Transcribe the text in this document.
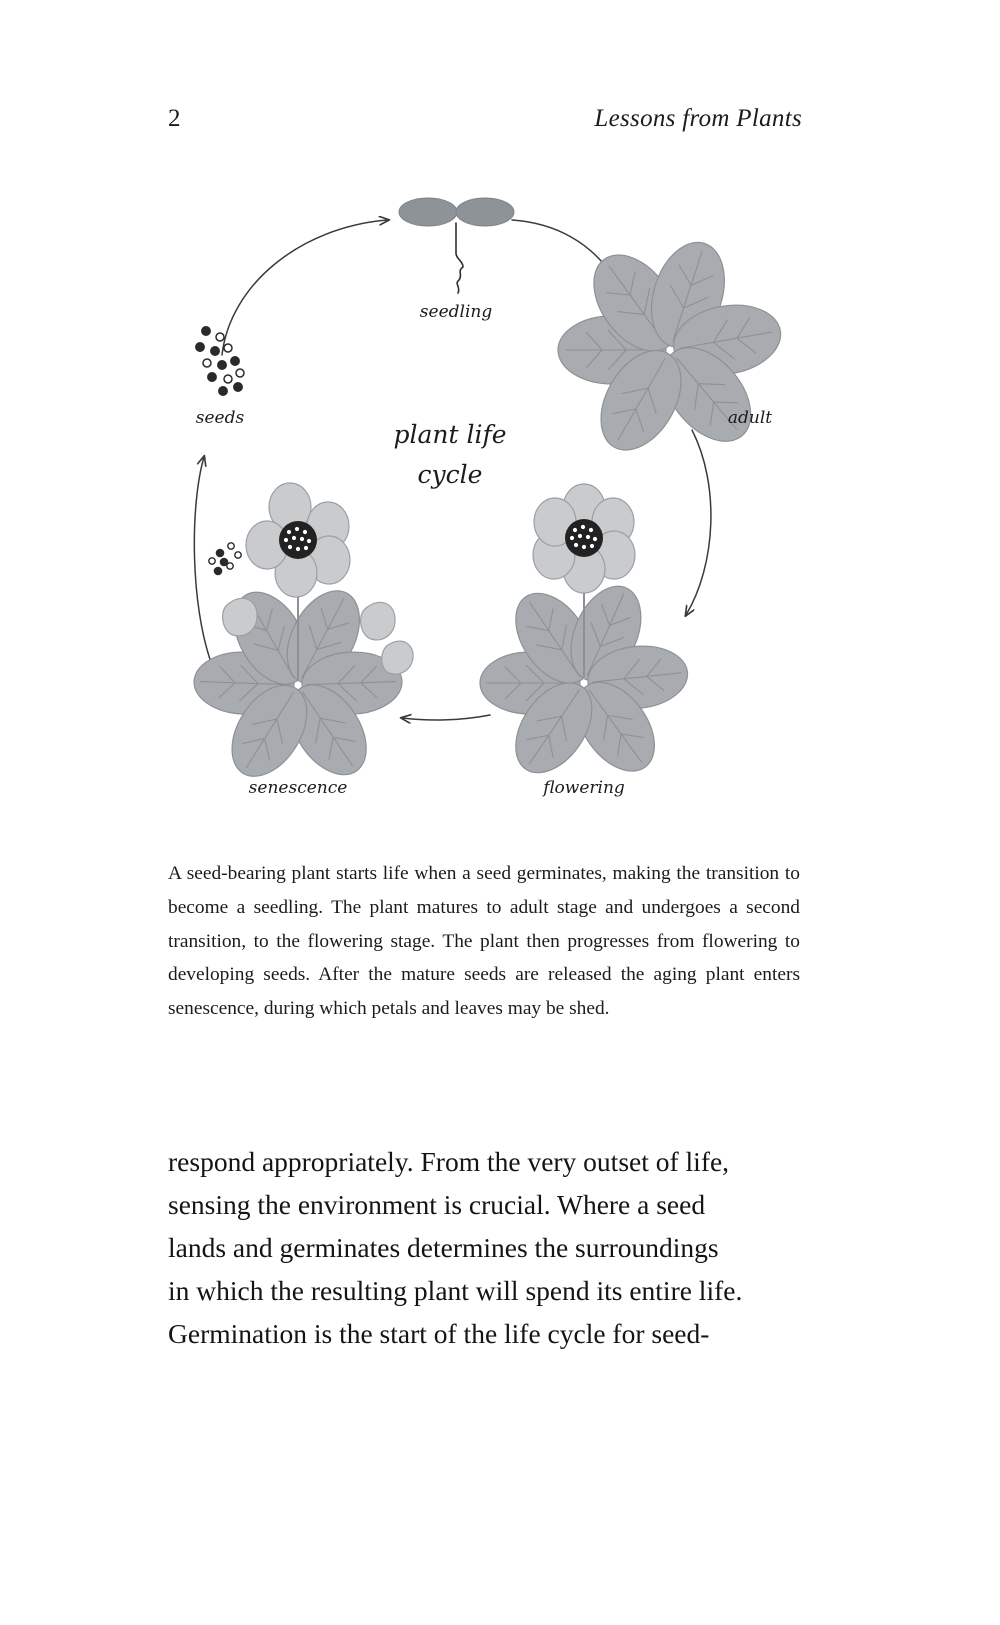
2	Lessons from Plants
seedling
adult
flowering
senescence
seeds
plant life
cycle

A seed-bearing plant starts life when a seed germinates, making the transition to become a seedling. The plant matures to adult stage and undergoes a second transition, to the flowering stage. The plant then progresses from flowering to developing seeds. After the mature seeds are released the aging plant enters senescence, during which petals and leaves may be shed.

respond appropriately. From the very outset of life,
sensing the environment is crucial. Where a seed
lands and germinates determines the surroundings
in which the resulting plant will spend its entire life.
Germination is the start of the life cycle for seed-
